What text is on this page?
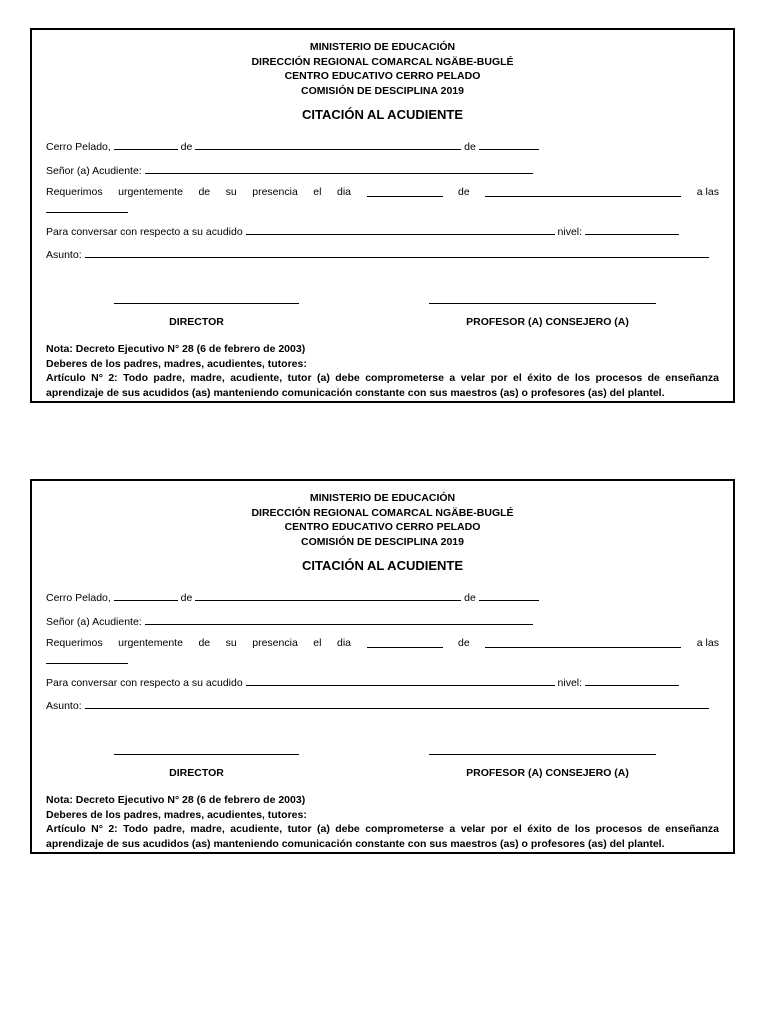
MINISTERIO DE EDUCACIÓN
DIRECCIÓN REGIONAL COMARCAL NGÄBE-BUGLÉ
CENTRO EDUCATIVO CERRO PELADO
COMISIÓN DE DESCIPLINA 2019
CITACIÓN AL ACUDIENTE
Cerro Pelado,	de	de
Señor (a) Acudiente:
Requerimos urgentemente de su presencia el dia	de	a las
Para conversar con respecto a su acudido	nivel:
Asunto:
DIRECTOR	PROFESOR (A) CONSEJERO (A)
Nota: Decreto Ejecutivo N° 28 (6 de febrero de 2003)
Deberes de los padres, madres, acudientes, tutores:
Artículo N° 2: Todo padre, madre, acudiente, tutor (a) debe comprometerse a velar por el éxito de los procesos de enseñanza aprendizaje de sus acudidos (as) manteniendo comunicación constante con sus maestros (as) o profesores (as) del plantel.
MINISTERIO DE EDUCACIÓN
DIRECCIÓN REGIONAL COMARCAL NGÄBE-BUGLÉ
CENTRO EDUCATIVO CERRO PELADO
COMISIÓN DE DESCIPLINA 2019
CITACIÓN AL ACUDIENTE
Cerro Pelado,	de	de
Señor (a) Acudiente:
Requerimos urgentemente de su presencia el dia	de	a las
Para conversar con respecto a su acudido	nivel:
Asunto:
DIRECTOR	PROFESOR (A) CONSEJERO (A)
Nota: Decreto Ejecutivo N° 28 (6 de febrero de 2003)
Deberes de los padres, madres, acudientes, tutores:
Artículo N° 2: Todo padre, madre, acudiente, tutor (a) debe comprometerse a velar por el éxito de los procesos de enseñanza aprendizaje de sus acudidos (as) manteniendo comunicación constante con sus maestros (as) o profesores (as) del plantel.
